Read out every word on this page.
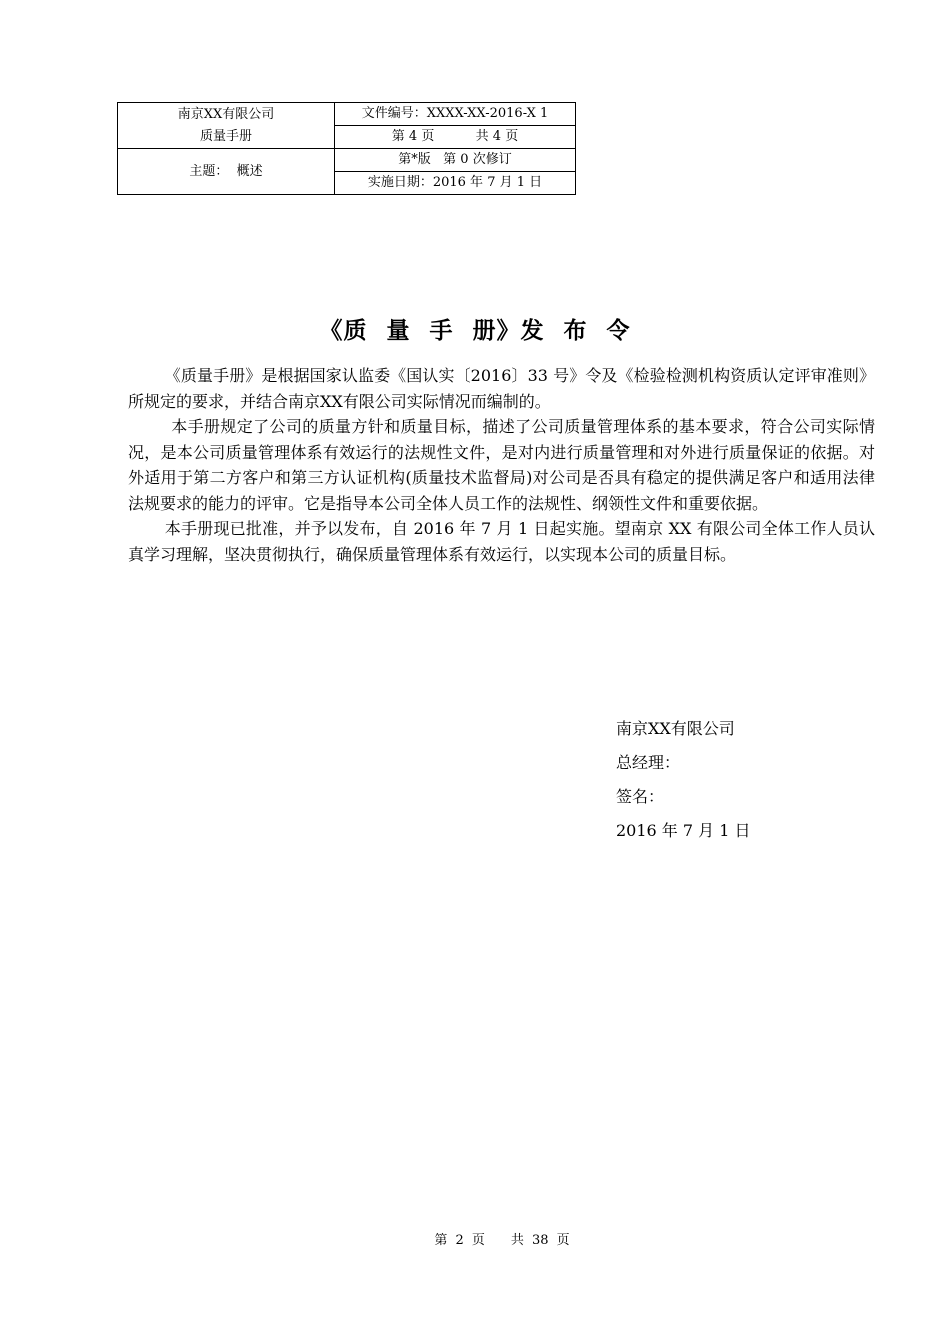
南京XX有限公司
质量手册	文件编号：XXXX-XX-2016-X 1
	第 4 页          共 4 页
主题：  概述	第*版   第 0 次修订
	实施日期：2016 年 7 月 1 日
《质 量 手 册》发 布 令

《质量手册》是根据国家认监委《国认实〔2016〕33 号》令及《检验检测机构资质认定评审准则》所规定的要求，并结合南京XX有限公司实际情况而编制的。

本手册规定了公司的质量方针和质量目标，描述了公司质量管理体系的基本要求，符合公司实际情况，是本公司质量管理体系有效运行的法规性文件，是对内进行质量管理和对外进行质量保证的依据。对外适用于第二方客户和第三方认证机构(质量技术监督局)对公司是否具有稳定的提供满足客户和适用法律法规要求的能力的评审。它是指导本公司全体人员工作的法规性、纲领性文件和重要依据。

本手册现已批准，并予以发布，自 2016 年 7 月 1 日起实施。望南京 XX 有限公司全体工作人员认真学习理解，坚决贯彻执行，确保质量管理体系有效运行，以实现本公司的质量目标。

南京XX有限公司
总经理：
签名：
2016 年 7 月 1 日
第 2 页 共 38 页
